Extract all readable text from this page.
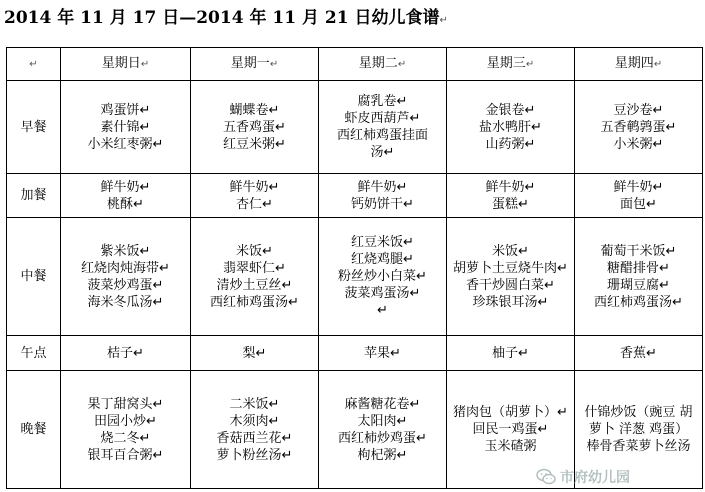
2014 年 11 月 17 日—2014 年 11 月 21 日幼儿食谱↵
↵	星期日↵	星期一↵	星期二↵	星期三↵	星期四↵
早餐	鸡蛋饼↵
素什锦↵
小米红枣粥↵	蝴蝶卷↵
五香鸡蛋↵
红豆米粥↵	腐乳卷↵
虾皮西葫芦↵
西红柿鸡蛋挂面
汤↵	金银卷↵
盐水鸭肝↵
山药粥↵	豆沙卷↵
五香鹌鹑蛋↵
小米粥↵

加餐	鲜牛奶↵
桃酥↵	鲜牛奶↵
杏仁↵	鲜牛奶↵
钙奶饼干↵	鲜牛奶↵
蛋糕↵	鲜牛奶↵
面包↵

中餐	紫米饭↵
红烧肉炖海带↵
菠菜炒鸡蛋↵
海米冬瓜汤↵	米饭↵
翡翠虾仁↵
清炒土豆丝↵
西红柿鸡蛋汤↵	红豆米饭↵
红烧鸡腿↵
粉丝炒小白菜↵
菠菜鸡蛋汤↵
↵	米饭↵
胡萝卜土豆烧牛肉↵
香干炒圆白菜↵
珍珠银耳汤↵	葡萄干米饭↵
糖醋排骨↵
珊瑚豆腐↵
西红柿鸡蛋汤↵

午点	桔子↵	梨↵	苹果↵	柚子↵	香蕉↵

晚餐	果丁甜窝头↵
田园小炒↵
烧二冬↵
银耳百合粥↵	二米饭↵
木须肉↵
香菇西兰花↵
萝卜粉丝汤↵	麻酱糖花卷↵
太阳肉↵
西红柿炒鸡蛋↵
枸杞粥↵	猪肉包（胡萝卜）↵
回民一鸡蛋↵
玉米碴粥	什锦炒饭（豌豆 胡
萝卜 洋葱 鸡蛋）
棒骨香菜萝卜丝汤
市府幼儿园
